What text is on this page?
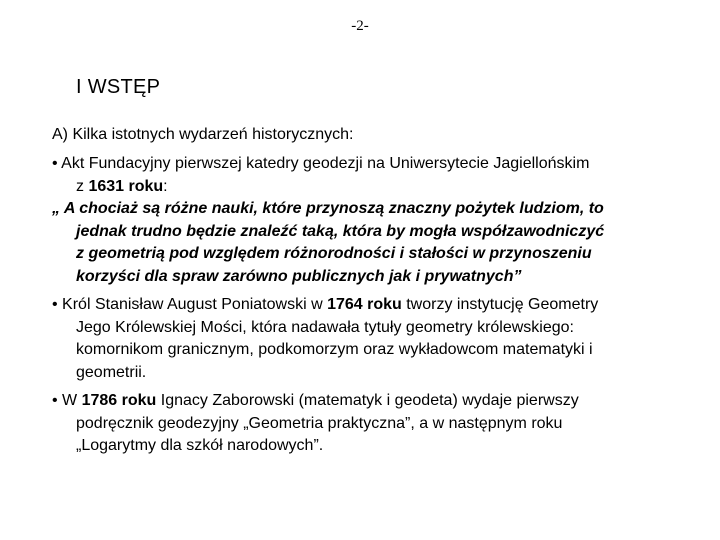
-2-
I WSTĘP
A) Kilka istotnych wydarzeń historycznych:
• Akt Fundacyjny pierwszej katedry geodezji na Uniwersytecie Jagiellońskim
z 1631 roku:
„ A chociaż są różne nauki, które przynoszą znaczny pożytek ludziom, to
jednak trudno będzie znaleźć taką, która by mogła współzawodniczyć
z geometrią pod względem różnorodności i stałości w przynoszeniu
korzyści dla spraw zarówno publicznych jak i prywatnych”
• Król Stanisław August Poniatowski w 1764 roku tworzy instytucję Geometry
Jego Królewskiej Mości, która nadawała tytuły geometry królewskiego:
komornikom granicznym, podkomorzym oraz wykładowcom matematyki i
geometrii.
• W 1786 roku Ignacy Zaborowski (matematyk i geodeta) wydaje pierwszy
podręcznik geodezyjny „Geometria praktyczna”, a w następnym roku
„Logarytmy dla szkół narodowych”.
